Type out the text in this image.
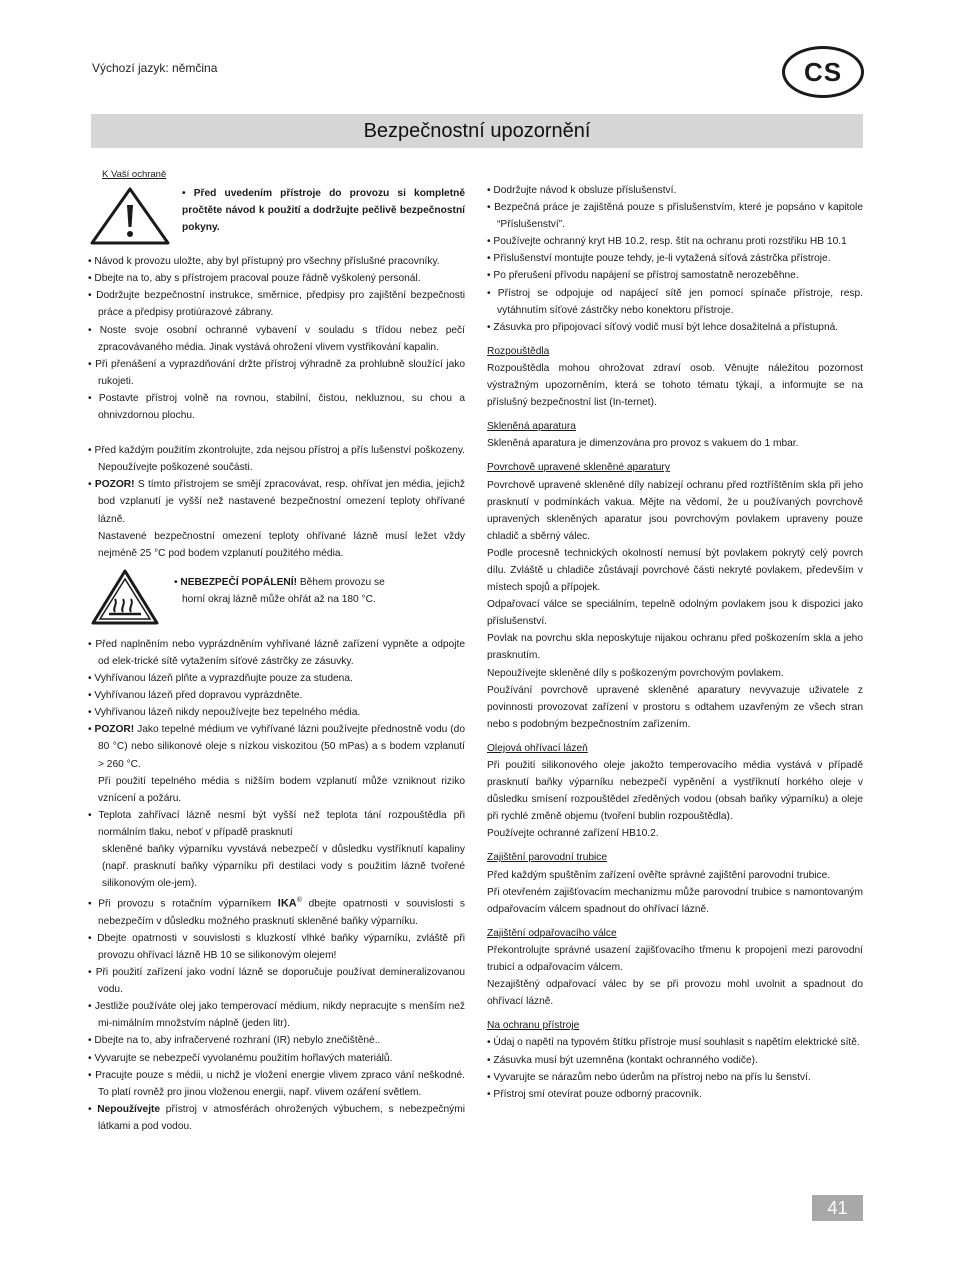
Výchozí jazyk: němčina	CS
Bezpečnostní upozornění

K Vaší ochraně

• Před uvedením přístroje do provozu si kompletně pročtěte návod k použití a dodržujte pečlivě bezpečnostní pokyny.

• Návod k provozu uložte, aby byl přístupný pro všechny příslušné pracovníky.

• Dbejte na to, aby s přístrojem pracoval pouze řádně vyškolený personál.

• Dodržujte bezpečnostní instrukce, směrnice, předpisy pro zajištění bezpečnosti práce a předpisy protiúrazové zábrany.

• Noste svoje osobní ochranné vybavení v souladu s třídou nebez pečí zpracovávaného média. Jinak vystává ohrožení vlivem vystřikování kapalin.

• Při přenášení a vyprazdňování držte přístroj výhradně za prohlubně sloužící jako rukojeti.

• Postavte přístroj volně na rovnou, stabilní, čistou, nekluznou, su chou a ohnivzdornou plochu.

• Před každým použitím zkontrolujte, zda nejsou přístroj a přís lušenství poškozeny. Nepoužívejte poškozené součásti.

• POZOR! S tímto přístrojem se smějí zpracovávat, resp. ohřívat jen média, jejichž bod vzplanutí je vyšší než nastavené bezpečnostní omezení teploty ohřívané lázně.

Nastavené bezpečnostní omezení teploty ohřívané lázně musí ležet vždy nejméně 25 °C pod bodem vzplanutí použitého média.

• NEBEZPEČÍ POPÁLENÍ! Během provozu se

horní okraj lázně může ohřát až na 180 °C.

• Před naplněním nebo vyprázdněním vyhřívané lázně zařízení vypněte a odpojte od elek-trické sítě vytažením síťové zástrčky ze zásuvky.

• Vyhřívanou lázeň plňte a vyprazdňujte pouze za studena.

• Vyhřívanou lázeň před dopravou vyprázdněte.

• Vyhřívanou lázeň nikdy nepoužívejte bez tepelného média.

• POZOR! Jako tepelné médium ve vyhřívané lázni používejte přednostně vodu (do 80 °C) nebo silikonové oleje s nízkou viskozitou (50 mPas) a s bodem vzplanutí > 260 °C.

Při použití tepelného média s nižším bodem vzplanutí může vzniknout riziko vznícení a požáru.

• Teplota zahřívací lázně nesmí být vyšší než teplota tání rozpouštědla při normálním tlaku, neboť v případě prasknutí

skleněné baňky výparníku vyvstává nebezpečí v důsledku vystříknutí kapaliny (např. prasknutí baňky výparníku při destilaci vody s použitím lázně tvořené silikonovým ole-jem).

• Při provozu s rotačním výparníkem IKA® dbejte opatrnosti v souvislosti s nebezpečím v důsledku možného prasknutí skleněné baňky výparníku.

• Dbejte opatrnosti v souvislosti s kluzkostí vlhké baňky výparníku, zvláště při provozu ohřívací lázně HB 10 se silikonovým olejem!

• Při použití zařízení jako vodní lázně se doporučuje používat demineralizovanou vodu.

• Jestliže používáte olej jako temperovací médium, nikdy nepracujte s menším než mi-nimálním množstvím náplně (jeden litr).

• Dbejte na to, aby infračervené rozhraní (IR) nebylo znečištěné..

• Vyvarujte se nebezpečí vyvolanému použitím hořlavých materiálů.

• Pracujte pouze s médii, u nichž je vložení energie vlivem zpraco vání neškodné. To platí rovněž pro jinou vloženou energii, např. vlivem ozáření světlem.

• Nepoužívejte přístroj v atmosférách ohrožených výbuchem, s nebezpečnými látkami a pod vodou.

• Dodržujte návod k obsluze příslušenství.

• Bezpečná práce je zajištěná pouze s příslušenstvím, které je popsáno v kapitole “Příslušenství”.

• Používejte ochranný kryt HB 10.2, resp. štít na ochranu proti rozstřiku HB 10.1

• Příslušenství montujte pouze tehdy, je-li vytažená síťová zástrčka přístroje.

• Po přerušení přívodu napájení se přístroj samostatně nerozeběhne.

• Přístroj se odpojuje od napájecí sítě jen pomocí spínače přístroje, resp. vytáhnutím síťové zástrčky nebo konektoru přístroje.

• Zásuvka pro připojovací síťový vodič musí být lehce dosažitelná a přístupná.

Rozpouštědla

Rozpouštědla mohou ohrožovat zdraví osob. Věnujte náležitou pozornost výstražným upozorněním, která se tohoto tématu týkají, a informujte se na příslušný bezpečnostní list (In-ternet).

Skleněná aparatura

Skleněná aparatura je dimenzována pro provoz s vakuem do 1 mbar.

Povrchově upravené skleněné aparatury

Povrchově upravené skleněné díly nabízejí ochranu před roztříštěním skla při jeho prasknutí v podmínkách vakua. Mějte na vědomí, že u používaných povrchově upravených skleněných aparatur jsou povrchovým povlakem upraveny pouze chladič a sběrný válec.

Podle procesně technických okolností nemusí být povlakem pokrytý celý povrch dílu. Zvláště u chladiče zůstávají povrchové části nekryté povlakem, především v místech spojů a přípojek.

Odpařovací válce se speciálním, tepelně odolným povlakem jsou k dispozici jako příslušenství.

Povlak na povrchu skla neposkytuje nijakou ochranu před poškozením skla a jeho prasknutím.

Nepoužívejte skleněné díly s poškozeným povrchovým povlakem.

Používání povrchově upravené skleněné aparatury nevyvazuje uživatele z povinnosti provozovat zařízení v prostoru s odtahem uzavřeným ze všech stran nebo s podobným bezpečnostním zařízením.

Olejová ohřívací lázeň

Při použití silikonového oleje jakožto temperovacího média vystává v případě prasknutí baňky výparníku nebezpečí vypěnění a vystříknutí horkého oleje v důsledku smísení rozpouštědel zředěných vodou (obsah baňky výparníku) a oleje při rychlé změně objemu (tvoření bublin rozpouštědla).

Používejte ochranné zařízení HB10.2.

Zajištění parovodní trubice

Před každým spuštěním zařízení ověřte správné zajištění parovodní trubice.

Při otevřeném zajišťovacím mechanizmu může parovodní trubice s namontovaným odpařovacím válcem spadnout do ohřívací lázně.

Zajištění odpařovacího válce

Překontrolujte správné usazení zajišťovacího třmenu k propojení mezi parovodní trubicí a odpařovacím válcem.

Nezajištěný odpařovací válec by se při provozu mohl uvolnit a spadnout do ohřívací lázně.

Na ochranu přístroje

• Údaj o napětí na typovém štítku přístroje musí souhlasit s napětím elektrické sítě.

• Zásuvka musí být uzemněna (kontakt ochranného vodiče).

• Vyvarujte se nárazům nebo úderům na přístroj nebo na přís lu šenství.

• Přístroj smí otevírat pouze odborný pracovník.

41
